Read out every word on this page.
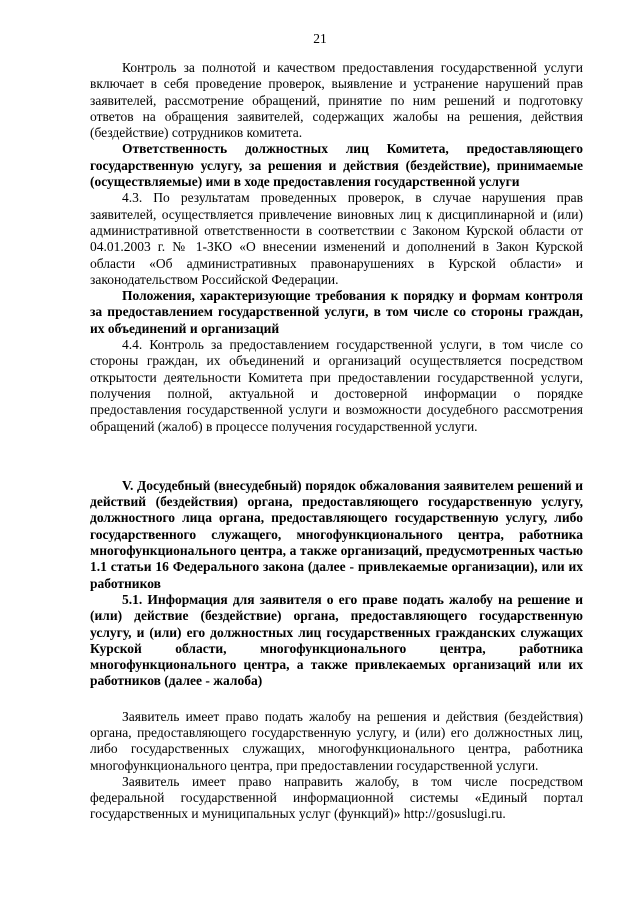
21

Контроль за полнотой и качеством предоставления государственной услуги включает в себя проведение проверок, выявление и устранение нарушений прав заявителей, рассмотрение обращений, принятие по ним решений и подготовку ответов на обращения заявителей, содержащих жалобы на решения, действия (бездействие) сотрудников комитета.

Ответственность должностных лиц Комитета, предоставляющего государственную услугу, за решения и действия (бездействие), принимаемые (осуществляемые) ими в ходе предоставления государственной услуги

4.3. По результатам проведенных проверок, в случае нарушения прав заявителей, осуществляется привлечение виновных лиц к дисциплинарной и (или) административной ответственности в соответствии с Законом Курской области от 04.01.2003 г. № 1-ЗКО «О внесении изменений и дополнений в Закон Курской области «Об административных правонарушениях в Курской области» и законодательством Российской Федерации.

Положения, характеризующие требования к порядку и формам контроля за предоставлением государственной услуги, в том числе со стороны граждан, их объединений и организаций

4.4. Контроль за предоставлением государственной услуги, в том числе со стороны граждан, их объединений и организаций осуществляется посредством открытости деятельности Комитета при предоставлении государственной услуги, получения полной, актуальной и достоверной информации о порядке предоставления государственной услуги и возможности досудебного рассмотрения обращений (жалоб) в процессе получения государственной услуги.

V. Досудебный (внесудебный) порядок обжалования заявителем решений и действий (бездействия) органа, предоставляющего государственную услугу, должностного лица органа, предоставляющего государственную услугу, либо государственного служащего, многофункционального центра, работника многофункционального центра, а также организаций, предусмотренных частью 1.1 статьи 16 Федерального закона (далее - привлекаемые организации), или их работников

5.1. Информация для заявителя о его праве подать жалобу на решение и (или) действие (бездействие) органа, предоставляющего государственную услугу, и (или) его должностных лиц государственных гражданских служащих Курской области, многофункционального центра, работника многофункционального центра, а также привлекаемых организаций или их работников (далее - жалоба)

Заявитель имеет право подать жалобу на решения и действия (бездействия) органа, предоставляющего государственную услугу, и (или) его должностных лиц, либо государственных служащих, многофункционального центра, работника многофункционального центра, при предоставлении государственной услуги.

Заявитель имеет право направить жалобу, в том числе посредством федеральной государственной информационной системы «Единый портал государственных и муниципальных услуг (функций)» http://gosuslugi.ru.
